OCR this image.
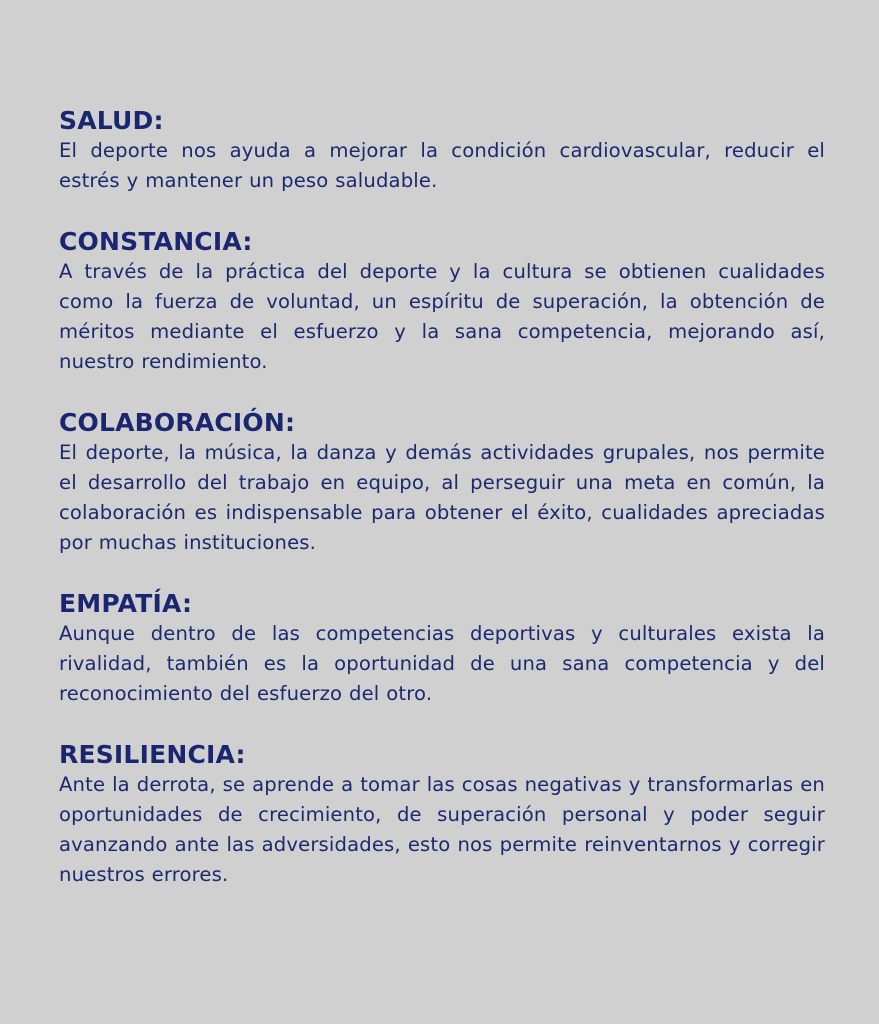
SALUD:

El deporte nos ayuda a mejorar la condición cardiovascular, reducir el estrés y mantener un peso saludable.

CONSTANCIA:

A través de la práctica del deporte y la cultura se obtienen cualidades como la fuerza de voluntad, un espíritu de superación, la obtención de méritos mediante el esfuerzo y la sana competencia, mejorando así, nuestro rendimiento.

COLABORACIÓN:

El deporte, la música, la danza y demás actividades grupales, nos permite el desarrollo del trabajo en equipo, al perseguir una meta en común, la colaboración es indispensable para obtener el éxito, cualidades apreciadas por muchas instituciones.

EMPATÍA:

Aunque dentro de las competencias deportivas y culturales exista la rivalidad, también es la oportunidad de una sana competencia y del reconocimiento del esfuerzo del otro.

RESILIENCIA:

Ante la derrota, se aprende a tomar las cosas negativas y transformarlas en oportunidades de crecimiento, de superación personal y poder seguir avanzando ante las adversidades, esto nos permite reinventarnos y corregir nuestros errores.
